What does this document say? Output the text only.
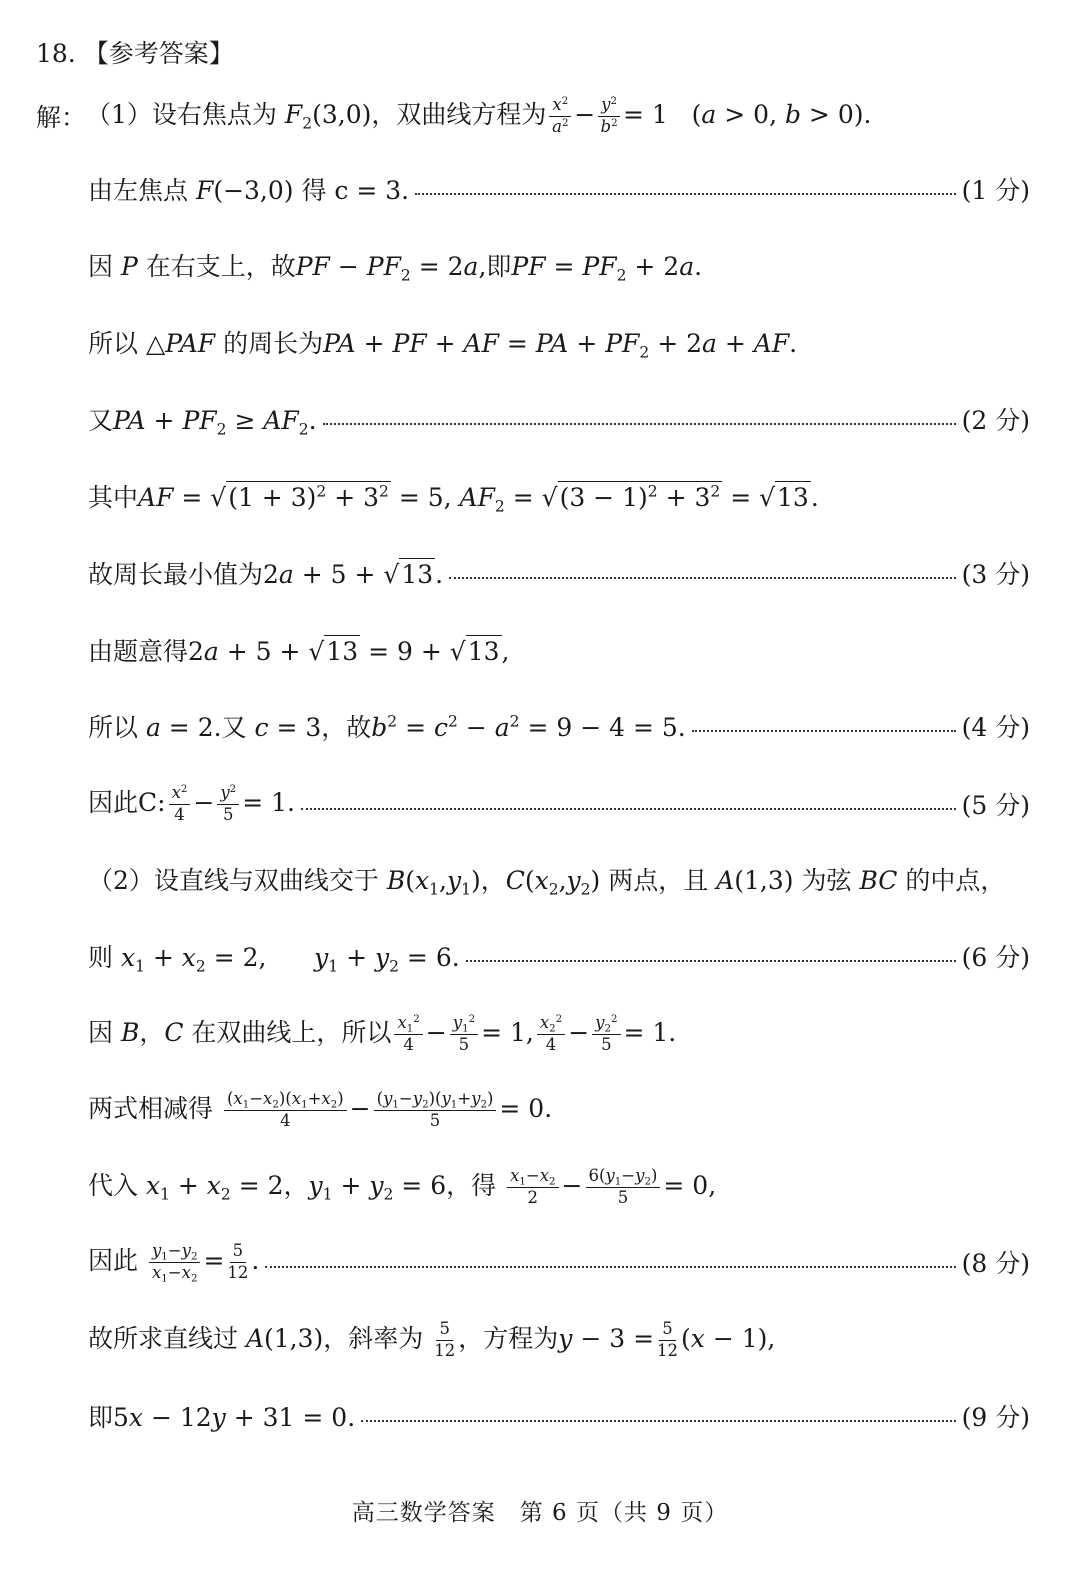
18. 【参考答案】
解： （1）设右焦点为 $F_2(3,0)$，双曲线方程为 $\frac{x^2}{a^2} - \frac{y^2}{b^2} = 1$   (a > 0, b > 0).
由左焦点 F(−3,0) 得 c = 3.	(1 分)
因 P 在右支上，故PF − $PF_2 = 2a$,即PF = $PF_2 + 2a$.
所以 △PAF 的周长为PA + PF + AF = PA + $PF_2 + 2a$ + AF.
又PA + $PF_2 \ge AF_2$.	(2 分)
其中AF = √ $(1 + 3)^2 + 3^2 = 5$, $AF_2$ = √ $(3 - 1)^2 + 3^2$ = √ 13 .
故周长最小值为2a + 5 + √ 13 .	(3 分)
由题意得2a + 5 + √ 13 = 9 + √ 13 ,
所以 a = 2.又 c = 3，故$b^2 = c^2 - a^2 = 9 - 4 = 5$.	(4 分)
因此C: $\frac{x^2}{4} - \frac{y^2}{5} = 1$.	(5 分)
（2）设直线与双曲线交于 $B(x_1,y_1)$，$C(x_2,y_2)$ 两点，且 A(1,3) 为弦 BC 的中点，
则 $x_1 + x_2 = 2$,      $y_1 + y_2 = 6$.	(6 分)
因 B，C 在双曲线上，所以 $\frac{x_1^2}{4} - \frac{y_1^2}{5} = 1$, $\frac{x_2^2}{4} - \frac{y_2^2}{5} = 1$.
两式相减得 $\frac{(x_1-x_2)(x_1+x_2)}{4} - \frac{(y_1-y_2)(y_1+y_2)}{5} = 0$.
代入 $x_1 + x_2 = 2$，$y_1 + y_2 = 6$，得 $\frac{x_1-x_2}{2} - \frac{6(y_1-y_2)}{5} = 0$,
因此 $\frac{y_1-y_2}{x_1-x_2} = \frac{5}{12}$ .	(8 分)
故所求直线过 A(1,3)，斜率为 $\frac{5}{12}$ ，方程为$y - 3 = \frac{5}{12} (x - 1)$,
即5x − 12y + 31 = 0.	(9 分)
高三数学答案　第 6 页（共 9 页）
